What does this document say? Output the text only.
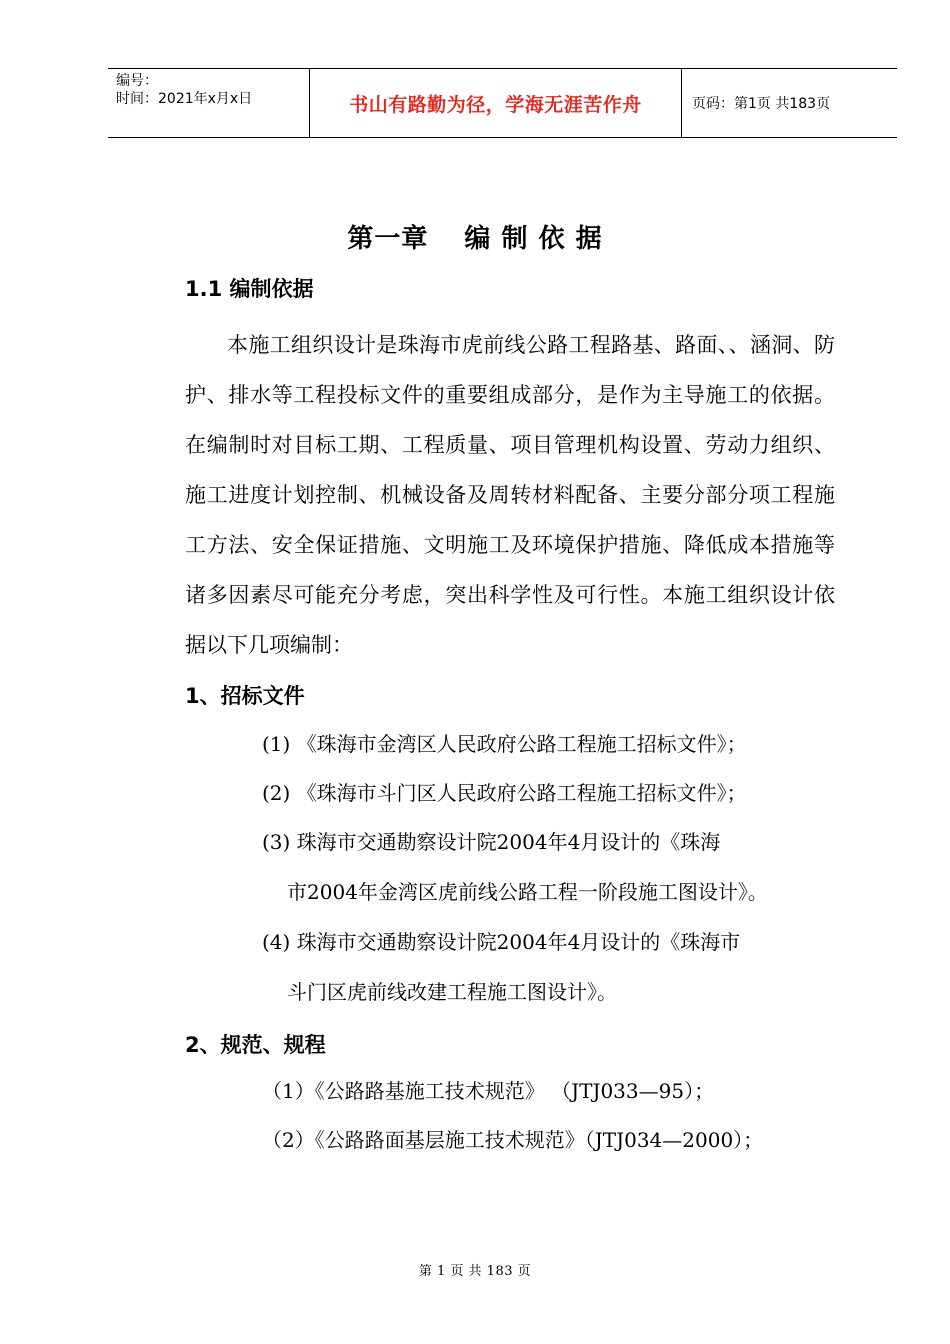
编号：
时间：2021年x月x日	书山有路勤为径，学海无涯苦作舟	页码：第1页 共183页
第一章 编 制 依 据
1.1 编制依据
本施工组织设计是珠海市虎前线公路工程路基、路面、、涵洞、防护、排水等工程投标文件的重要组成部分，是作为主导施工的依据。在编制时对目标工期、工程质量、项目管理机构设置、劳动力组织、施工进度计划控制、机械设备及周转材料配备、主要分部分项工程施工方法、安全保证措施、文明施工及环境保护措施、降低成本措施等诸多因素尽可能充分考虑，突出科学性及可行性。本施工组织设计依据以下几项编制：
1、招标文件
(1) 《珠海市金湾区人民政府公路工程施工招标文件》；
(2) 《珠海市斗门区人民政府公路工程施工招标文件》；
(3) 珠海市交通勘察设计院2004年4月设计的《珠海
市2004年金湾区虎前线公路工程一阶段施工图设计》。
(4) 珠海市交通勘察设计院2004年4月设计的《珠海市
斗门区虎前线改建工程施工图设计》。
2、规范、规程
（1）《公路路基施工技术规范》 （JTJ033—95）；
（2）《公路路面基层施工技术规范》（JTJ034—2000）；
第 1 页 共 183 页
